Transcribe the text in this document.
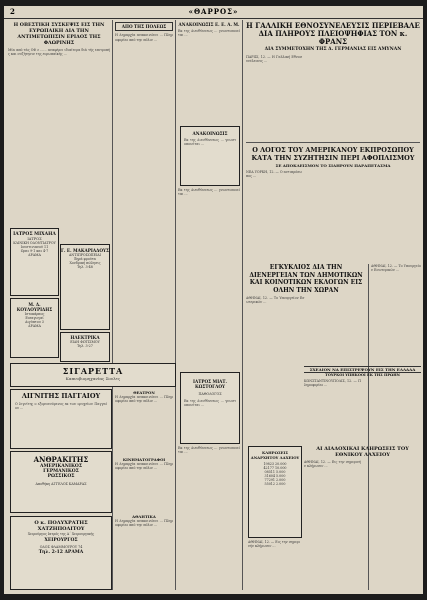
2	«ΘΑΡΡΟΣ»
Η ΟΒΕΣΤΙΚΗ ΣΥΣΚΕΨΙΣ ΕΙΣ ΤΗΝ ΕΥΡΩΠΑΙΚΗ ΔΙΑ ΤΗΝ ΑΝΤΙΜΕΤΩΠΙΣΙΝ ΕΡΙΔΟΣ ΤΗΣ ΦΛΩΡΙΝΗΣ
Μία από τάς ΟΦ ε ...... αναφέρει ιδιαίτερα διά τής επιτροπής και συζήτησιν της ευρωπαϊκής ...
ΙΑΤΡΟΣ ΜΙΧΑΗΛ
ΙΑΤΡΟΣ
ΚΛΙΝΙΚΗ ΟΔΟΝΤΙΑΤΡΟΥ
Ιουστινιανού 11
Ωραι 9-1 και 4-7
ΔΡΑΜΑ
Γ. Ε. ΜΑΚΑΡΙΑΔΟΥΣ
ΑΝΤΙΠΡΟΣΩΠΕΙΑΙ
Ξηρά φρούτα
Χονδρική πώλησις
Τηλ. 3-48
Μ. Δ. ΚΟΥΛΟΥΡΙΔΗΣ
Ιστοκάρπος
Εισαγωγαί
Αιγύπτου 3
ΔΡΑΜΑ
ΗΛΕΚΤΡΙΚΑ
ΕΙΔΗ ΦΩΤΙΣΜΟΥ
Τηλ. 3-27
ΣΙΓΑΡΕΤΤΑ
Καπνοβιομηχανίας Σουλτς
ΛΙΓΝΙΤΗΣ ΠΑΓΓΑΙΟΥ
Ο λιγνίτης ο εξορυσσόμενος εκ των ορυχείων Παγγαίου ...
ΑΝΘΡΑΚΙΤΗΣ
ΑΜΕΡΙΚΑΝΙΚΟΣ
ΓΕΡΜΑΝΙΚΟΣ
ΡΩΣΣΙΚΟΣ
Αποθήκη ΑΓΓΕΛΟΣ ΚΑΜΑΡΑΣ
Ο κ. ΠΟΛΥΧΡΑΤΗΣ ΧΑΤΖΗΠΟΛΙΤΟΥ
Χειρούργος Ιατρός της Α΄ Χειρουργικής
ΧΕΙΡΟΥΡΓΟΣ
ΟΔΟΣ ΦΛΑΜΜΟΥΡΟΥ 74
Τηλ. 2-12 ΔΡΑΜΑ
ΑΠΟ ΤΗΣ ΠΟΛΕΩΣ
Η Δημαρχία ανακοινώνει ... Πληροφορίαι από την πόλιν ...
ΘΕΑΤΡΟΝ
Η Δημαρχία ανακοινώνει ... Πληροφορίαι από την πόλιν ...
ΚΙΝΗΜΑΤΟΓΡΑΦΟΙ
Η Δημαρχία ανακοινώνει ... Πληροφορίαι από την πόλιν ...
ΑΘΛΗΤΙΚΑ
Η Δημαρχία ανακοινώνει ... Πληροφορίαι από την πόλιν ...
ΑΝΑΚΟΙΝΩΣΙΣ Ε. Ε. Α. Μ.
Εκ της Διευθύνσεως ... γνωστοποιείται ...
ΑΝΑΚΟΙΝΩΣΙΣ
Εκ της Διευθύνσεως ... γνωστοποιείται ...
Εκ της Διευθύνσεως ... γνωστοποιείται ...
ΙΑΤΡΟΣ ΜΙΑΤ. ΚΩΣΤΟΓΛΟΥ
ΠΑΘΟΛΟΓΟΣ
Εκ της Διευθύνσεως ... γνωστοποιείται ...
Εκ της Διευθύνσεως ... γνωστοποιείται ...
Η ΓΑΛΛΙΚΗ ΕΘΝΟΣΥΝΕΛΕΥΣΙΣ ΠΕΡΙΕΒΑΛΕ ΔΙΑ ΠΛΗΡΟΥΣ ΠΛΕΙΟΨΗΦΙΑΣ ΤΟΝ κ. ΦΡΑΝΣ
ΔΙΑ ΣΥΜΜΕΤΟΧΗΝ ΤΗΣ Δ. ΓΕΡΜΑΝΙΑΣ ΕΙΣ ΑΜΥΝΑΝ
ΠΑΡΙΣΙ, 12. — Η Γαλλική Εθνοσυνέλευσις ...
Ο ΛΟΓΟΣ ΤΟΥ ΑΜΕΡΙΚΑΝΟΥ ΕΚΠΡΟΣΩΠΟΥ ΚΑΤΑ ΤΗΝ ΣΥΖΗΤΗΣΙΝ ΠΕΡΙ ΑΦΟΠΛΙΣΜΟΥ
ΣΕ ΑΠΟΚΛΕΙΣΜΟΝ ΤΟ ΣΙΔΗΡΟΥΝ ΠΑΡΑΠΕΤΑΣΜΑ
ΝΕΑ ΥΟΡΚΗ, 12. — Ο αντιπρόσωπος ...
ΕΓΚΥΚΛΙΟΣ ΔΙΑ ΤΗΝ ΔΙΕΝΕΡΓΕΙΑΝ ΤΩΝ ΔΗΜΟΤΙΚΩΝ ΚΑΙ ΚΟΙΝΟΤΙΚΩΝ ΕΚΛΟΓΩΝ ΕΙΣ ΟΛΗΝ ΤΗΝ ΧΩΡΑΝ
ΑΘΗΝΑΙ, 12. — Το Υπουργείον Εσωτερικών ...
ΑΘΗΝΑΙ, 12. — Το Υπουργείον Εσωτερικών ...
ΣΧΕΔΙΟΝ ΝΑ ΕΠΙΣΤΡΕΨΟΥΝ ΕΙΣ ΤΗΝ ΕΛΛΑΔΑ
ΤΟΥΡΚΟΙ ΥΠΗΚΟΟΙ ΕΚ ΤΗΣ ΠΡΩΗΝ
ΚΩΝΣΤΑΝΤΙΝΟΥΠΟΛΙΣ, 12. — Πληροφορίαι ...
ΑΙ ΔΙΑΔΟΧΙΚΑΙ ΚΛΗΡΩΣΕΙΣ ΤΟΥ ΕΘΝΙΚΟΥ ΛΑΧΕΙΟΥ
ΑΘΗΝΑΙ, 12. — Εις την σημερινήν κλήρωσιν ...
ΚΛΗΡΩΣΕΙΣ ΑΝΑΡΧΗΤΟΥ ΛΑΧΕΙΟΥ
19823 20.000
42177 10.000
08511 5.000
31604 5.000
77291 2.000
55012 2.000
ΑΘΗΝΑΙ, 12. — Εις την σημερινήν κλήρωσιν ...
